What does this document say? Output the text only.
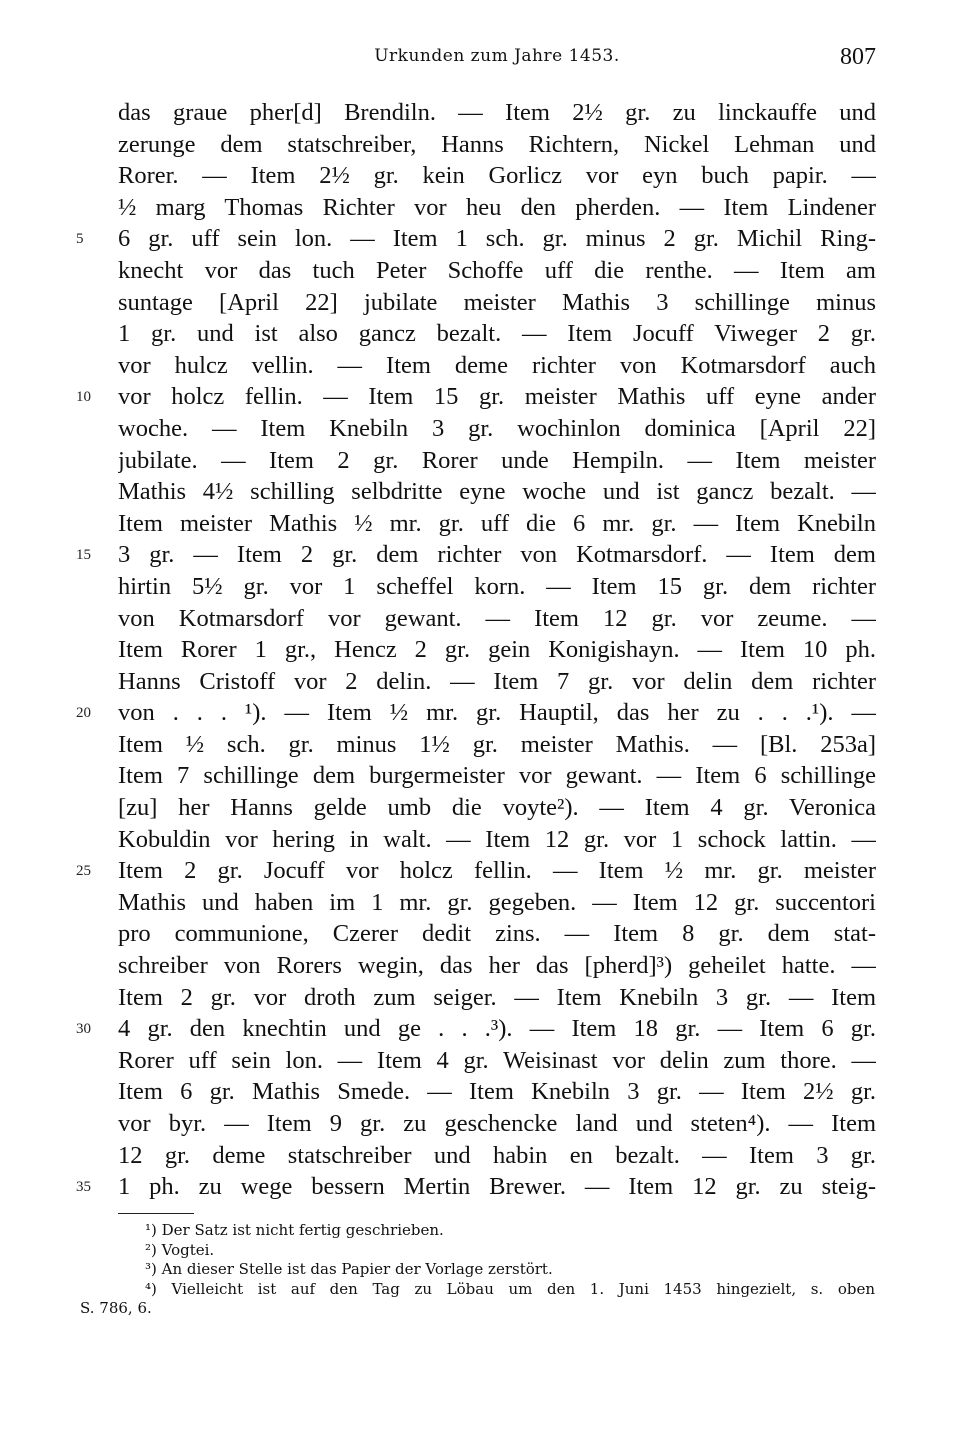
Urkunden zum Jahre 1453.	807
das graue pher[d] Brendiln. — Item 2½ gr. zu linckauffe und
zerunge dem statschreiber, Hanns Richtern, Nickel Lehman und
Rorer. — Item 2½ gr. kein Gorlicz vor eyn buch papir. —
½ marg Thomas Richter vor heu den pherden. — Item Lindener
5	6 gr. uff sein lon. — Item 1 sch. gr. minus 2 gr. Michil Ring-
knecht vor das tuch Peter Schoffe uff die renthe. — Item am
suntage [April 22] jubilate meister Mathis 3 schillinge minus
1 gr. und ist also gancz bezalt. — Item Jocuff Viweger 2 gr.
vor hulcz vellin. — Item deme richter von Kotmarsdorf auch
10	vor holcz fellin. — Item 15 gr. meister Mathis uff eyne ander
woche. — Item Knebiln 3 gr. wochinlon dominica [April 22]
jubilate. — Item 2 gr. Rorer unde Hempiln. — Item meister
Mathis 4½ schilling selbdritte eyne woche und ist gancz bezalt. —
Item meister Mathis ½ mr. gr. uff die 6 mr. gr. — Item Knebiln
15	3 gr. — Item 2 gr. dem richter von Kotmarsdorf. — Item dem
hirtin 5½ gr. vor 1 scheffel korn. — Item 15 gr. dem richter
von Kotmarsdorf vor gewant. — Item 12 gr. vor zeume. —
Item Rorer 1 gr., Hencz 2 gr. gein Konigishayn. — Item 10 ph.
Hanns Cristoff vor 2 delin. — Item 7 gr. vor delin dem richter
20	von . . . ¹). — Item ½ mr. gr. Hauptil, das her zu . . .¹). —
Item ½ sch. gr. minus 1½ gr. meister Mathis. — [Bl. 253a]
Item 7 schillinge dem burgermeister vor gewant. — Item 6 schillinge
[zu] her Hanns gelde umb die voyte²). — Item 4 gr. Veronica
Kobuldin vor hering in walt. — Item 12 gr. vor 1 schock lattin. —
25	Item 2 gr. Jocuff vor holcz fellin. — Item ½ mr. gr. meister
Mathis und haben im 1 mr. gr. gegeben. — Item 12 gr. succentori
pro communione, Czerer dedit zins. — Item 8 gr. dem stat-
schreiber von Rorers wegin, das her das [pherd]³) geheilet hatte. —
Item 2 gr. vor droth zum seiger. — Item Knebiln 3 gr. — Item
30	4 gr. den knechtin und ge . . .³). — Item 18 gr. — Item 6 gr.
Rorer uff sein lon. — Item 4 gr. Weisinast vor delin zum thore. —
Item 6 gr. Mathis Smede. — Item Knebiln 3 gr. — Item 2½ gr.
vor byr. — Item 9 gr. zu geschencke land und steten⁴). — Item
12 gr. deme statschreiber und habin en bezalt. — Item 3 gr.
35	1 ph. zu wege bessern Mertin Brewer. — Item 12 gr. zu steig-
¹) Der Satz ist nicht fertig geschrieben.
²) Vogtei.
³) An dieser Stelle ist das Papier der Vorlage zerstört.
⁴) Vielleicht ist auf den Tag zu Löbau um den 1. Juni 1453 hingezielt, s. oben
S. 786, 6.
